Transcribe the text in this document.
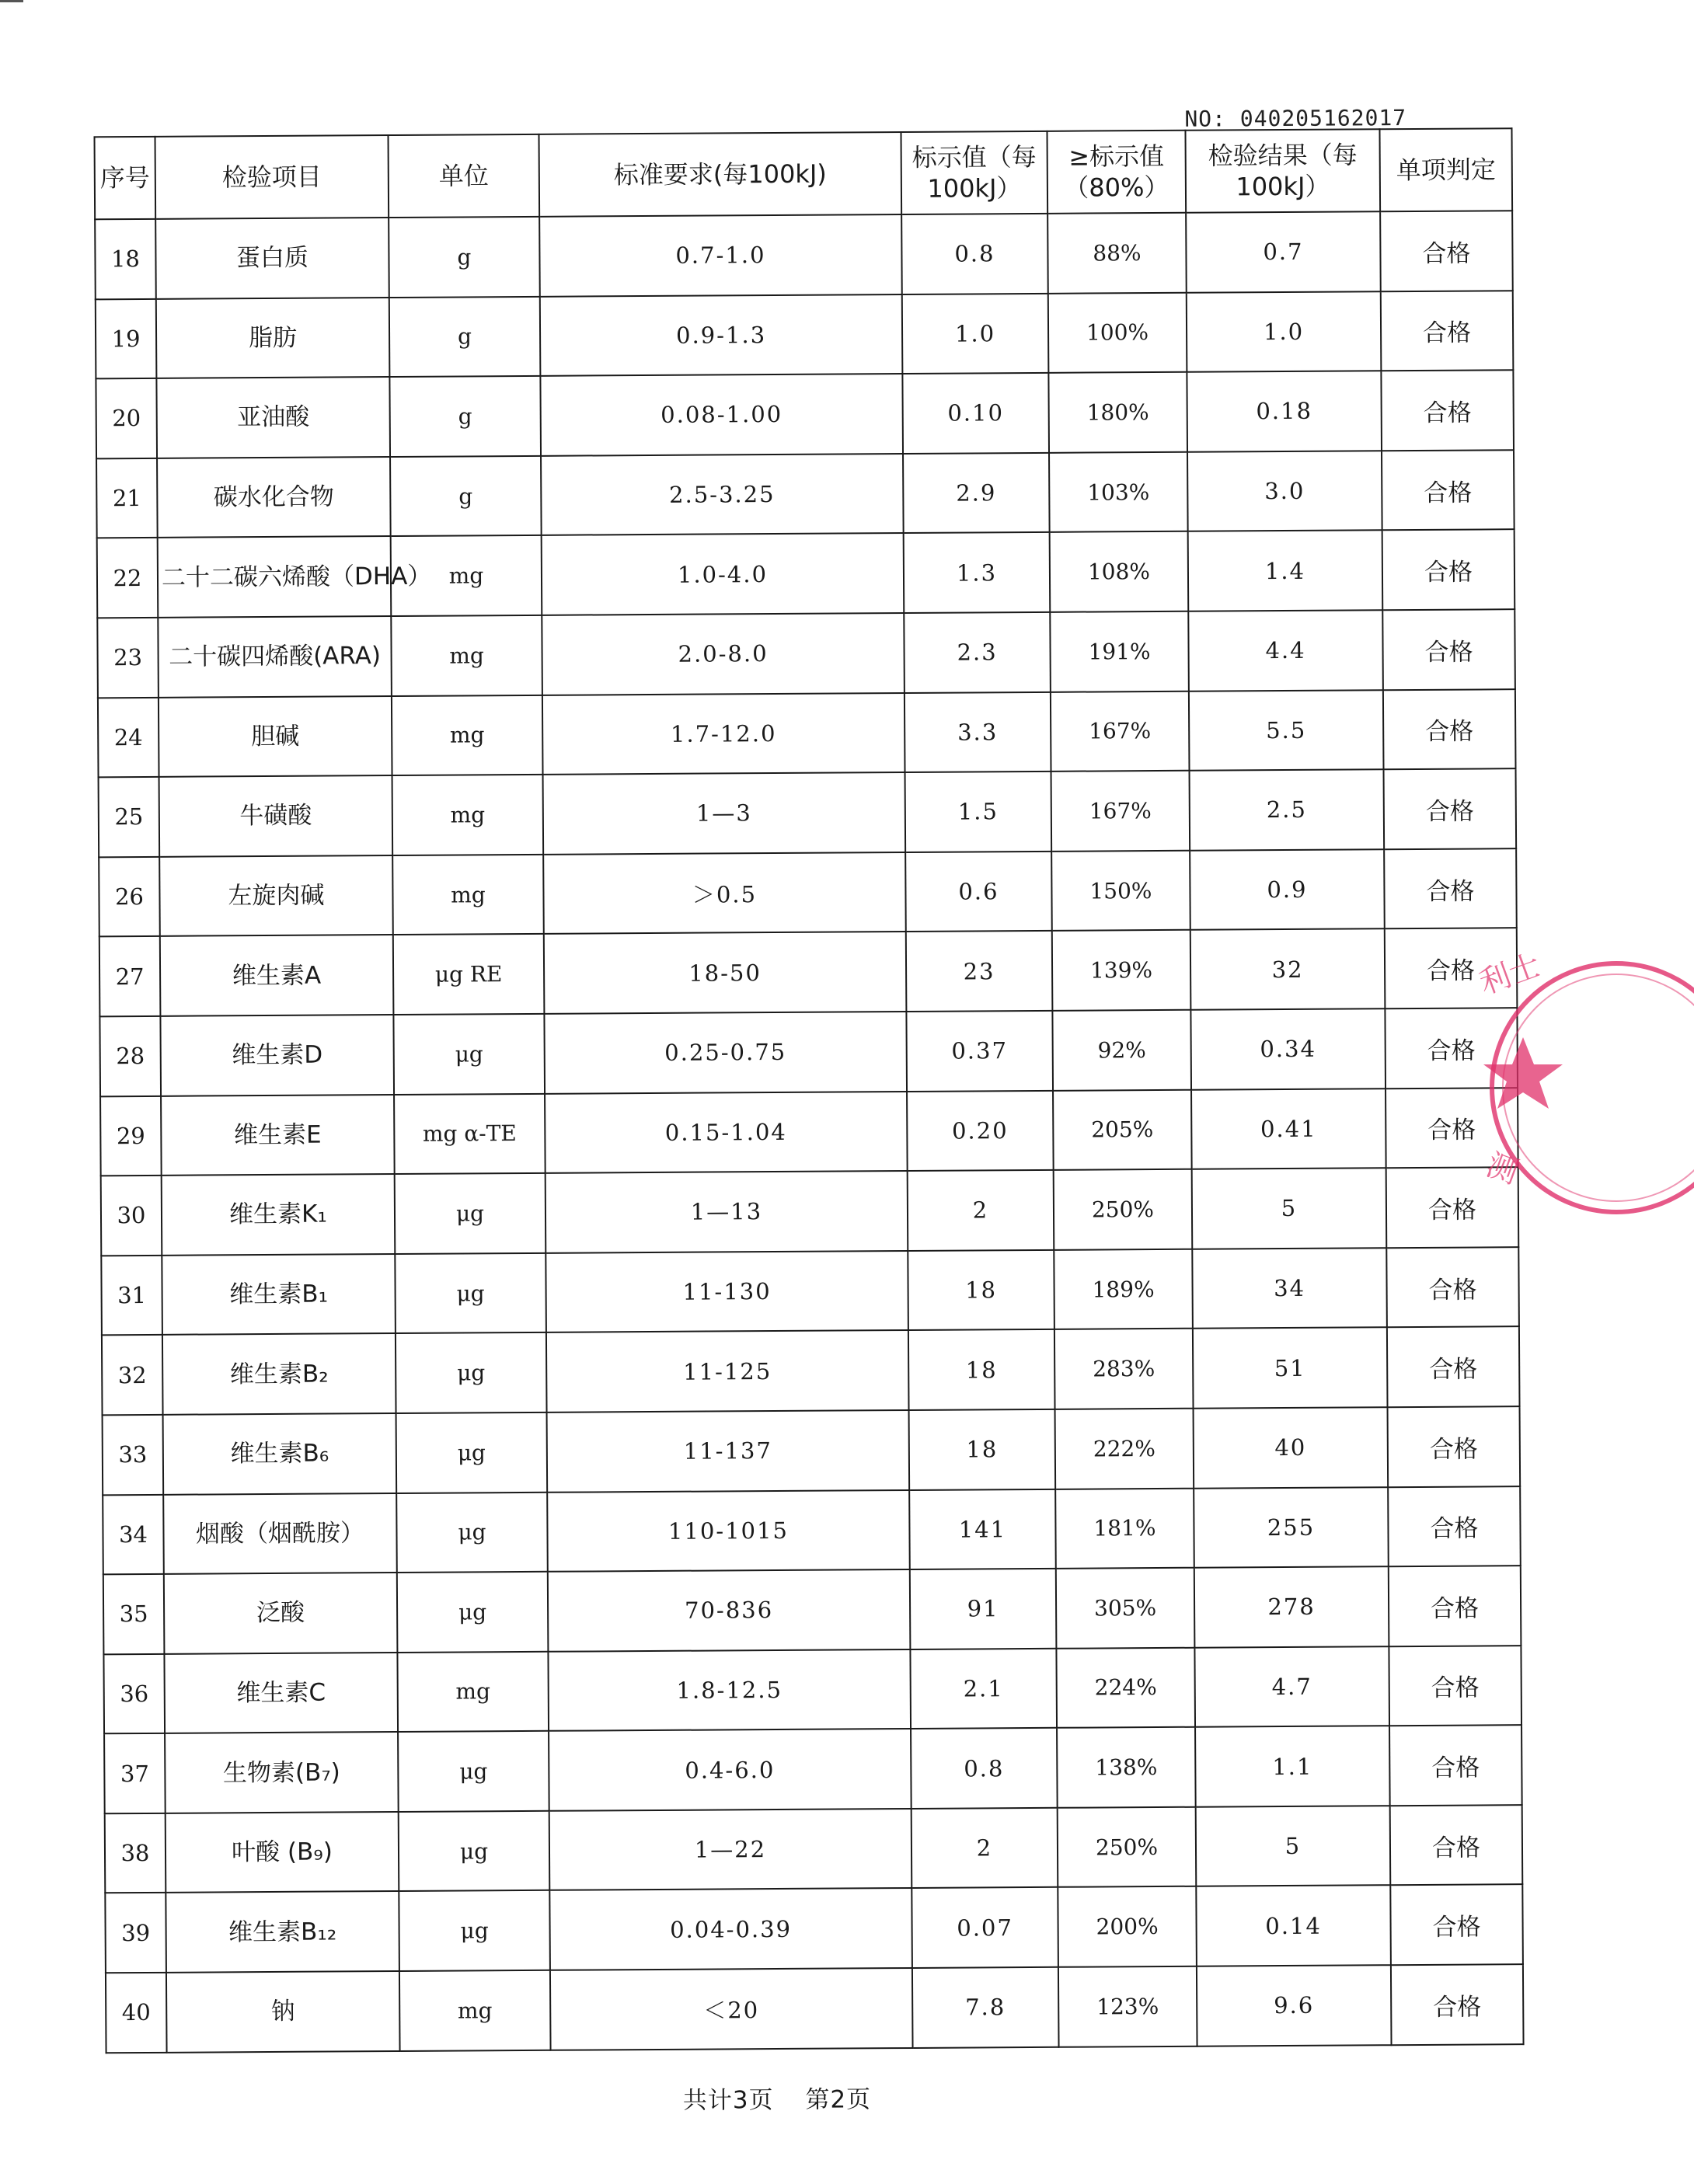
NO: 040205162017
序号	检验项目	单位	标准要求(每100kJ)	标示值（每100kJ）	≥标示值（80%）	检验结果（每100kJ）	单项判定
18	蛋白质	g	0.7-1.0	0.8	88%	0.7	合格
19	脂肪	g	0.9-1.3	1.0	100%	1.0	合格
20	亚油酸	g	0.08-1.00	0.10	180%	0.18	合格
21	碳水化合物	g	2.5-3.25	2.9	103%	3.0	合格
22	二十二碳六烯酸（DHA）	mg	1.0-4.0	1.3	108%	1.4	合格
23	二十碳四烯酸(ARA)	mg	2.0-8.0	2.3	191%	4.4	合格
24	胆碱	mg	1.7-12.0	3.3	167%	5.5	合格
25	牛磺酸	mg	1—3	1.5	167%	2.5	合格
26	左旋肉碱	mg	＞0.5	0.6	150%	0.9	合格
27	维生素A	μg RE	18-50	23	139%	32	合格
28	维生素D	μg	0.25-0.75	0.37	92%	0.34	合格
29	维生素E	mg α-TE	0.15-1.04	0.20	205%	0.41	合格
30	维生素K₁	μg	1—13	2	250%	5	合格
31	维生素B₁	μg	11-130	18	189%	34	合格
32	维生素B₂	μg	11-125	18	283%	51	合格
33	维生素B₆	μg	11-137	18	222%	40	合格
34	烟酸（烟酰胺）	μg	110-1015	141	181%	255	合格
35	泛酸	μg	70-836	91	305%	278	合格
36	维生素C	mg	1.8-12.5	2.1	224%	4.7	合格
37	生物素(B₇)	μg	0.4-6.0	0.8	138%	1.1	合格
38	叶酸 (B₉)	μg	1—22	2	250%	5	合格
39	维生素B₁₂	μg	0.04-0.39	0.07	200%	0.14	合格
40	钠	mg	＜20	7.8	123%	9.6	合格
共计3页 第2页
利士
测
